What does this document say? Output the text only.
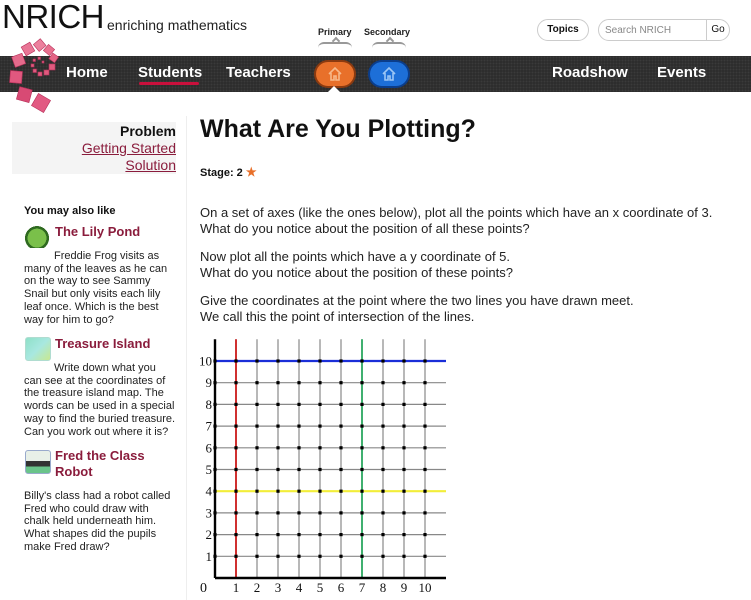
NRICH enriching mathematics	Primary Secondary	Topics
Search NRICH	Go
Home Students Teachers	Roadshow Events
Problem
Getting Started
Solution
You may also like
The Lily Pond
Freddie Frog visits as many of the leaves as he can on the way to see Sammy Snail but only visits each lily leaf once. Which is the best way for him to go?
Treasure Island
Write down what you can see at the coordinates of the treasure island map. The words can be used in a special way to find the buried treasure. Can you work out where it is?
Fred the Class
Robot
Billy's class had a robot called Fred who could draw with chalk held underneath him. What shapes did the pupils make Fred draw?
What Are You Plotting?
Stage: 2 ★
On a set of axes (like the ones below), plot all the points which have an x coordinate of 3.
What do you notice about the position of all these points?
Now plot all the points which have a y coordinate of 5.
What do you notice about the position of these points?
Give the coordinates at the point where the two lines you have drawn meet.
We call this the point of intersection of the lines.
0 1 2 3 4 5 6 7 8 9 10
1
2
3
4
5
6
7
8
9
10
